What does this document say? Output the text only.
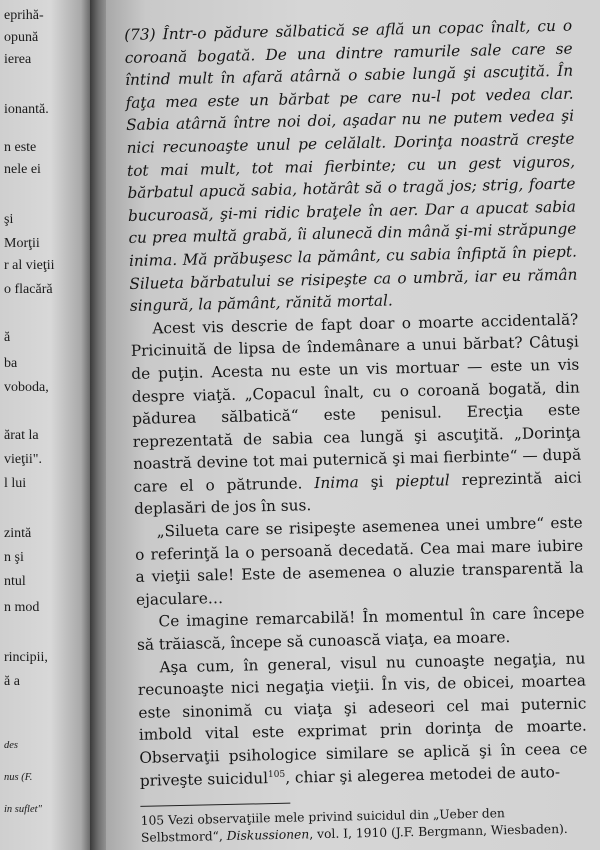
eprihă-
opună
ierea
ionantă.
n este
nele ei
şi
Morţii
r al vieţii
o flacără
ă
ba
voboda,
ărat la
vieţii".
l lui
zintă
n şi
ntul
n mod
rincipii,
ă a
des
nus (F.
in suflet"

(73) Într-o pădure sălbatică se află un copac înalt, cu o coroană bogată. De una dintre ramurile sale care se întind mult în afară atârnă o sabie lungă şi ascuţită. În faţa mea este un bărbat pe care nu-l pot vedea clar. Sabia atârnă între noi doi, aşadar nu ne putem vedea şi nici recunoaşte unul pe celălalt. Dorinţa noastră creşte tot mai mult, tot mai fierbinte; cu un gest viguros, bărbatul apucă sabia, hotărât să o tragă jos; strig, foarte bucuroasă, şi-mi ridic braţele în aer. Dar a apucat sabia cu prea multă grabă, îi alunecă din mână şi-mi străpunge inima. Mă prăbuşesc la pământ, cu sabia înfiptă în piept. Silueta bărbatului se risipeşte ca o umbră, iar eu rămân singură, la pământ, rănită mortal.

Acest vis descrie de fapt doar o moarte accidentală? Pricinuită de lipsa de îndemânare a unui bărbat? Câtuşi de puţin. Acesta nu este un vis mortuar — este un vis despre viaţă. „Copacul înalt, cu o coroană bogată, din pădurea sălbatică“ este penisul. Erecţia este reprezentată de sabia cea lungă şi ascuţită. „Dorinţa noastră devine tot mai puternică şi mai fierbinte“ — după care el o pătrunde. Inima şi pieptul reprezintă aici deplasări de jos în sus.

„Silueta care se risipeşte asemenea unei umbre“ este o referinţă la o persoană decedată. Cea mai mare iubire a vieţii sale! Este de asemenea o aluzie transparentă la ejaculare…

Ce imagine remarcabilă! În momentul în care începe să trăiască, începe să cunoască viaţa, ea moare.

Aşa cum, în general, visul nu cunoaşte negaţia, nu recunoaşte nici negaţia vieţii. În vis, de obicei, moartea este sinonimă cu viaţa şi adeseori cel mai puternic imbold vital este exprimat prin dorinţa de moarte. Observaţii psihologice similare se aplică şi în ceea ce priveşte suicidul$^{105}$, chiar şi alegerea metodei de auto-

105 Vezi observaţiile mele privind suicidul din „Ueber den Selbstmord“, Diskussionen, vol. I, 1910 (J.F. Bergmann, Wiesbaden).
